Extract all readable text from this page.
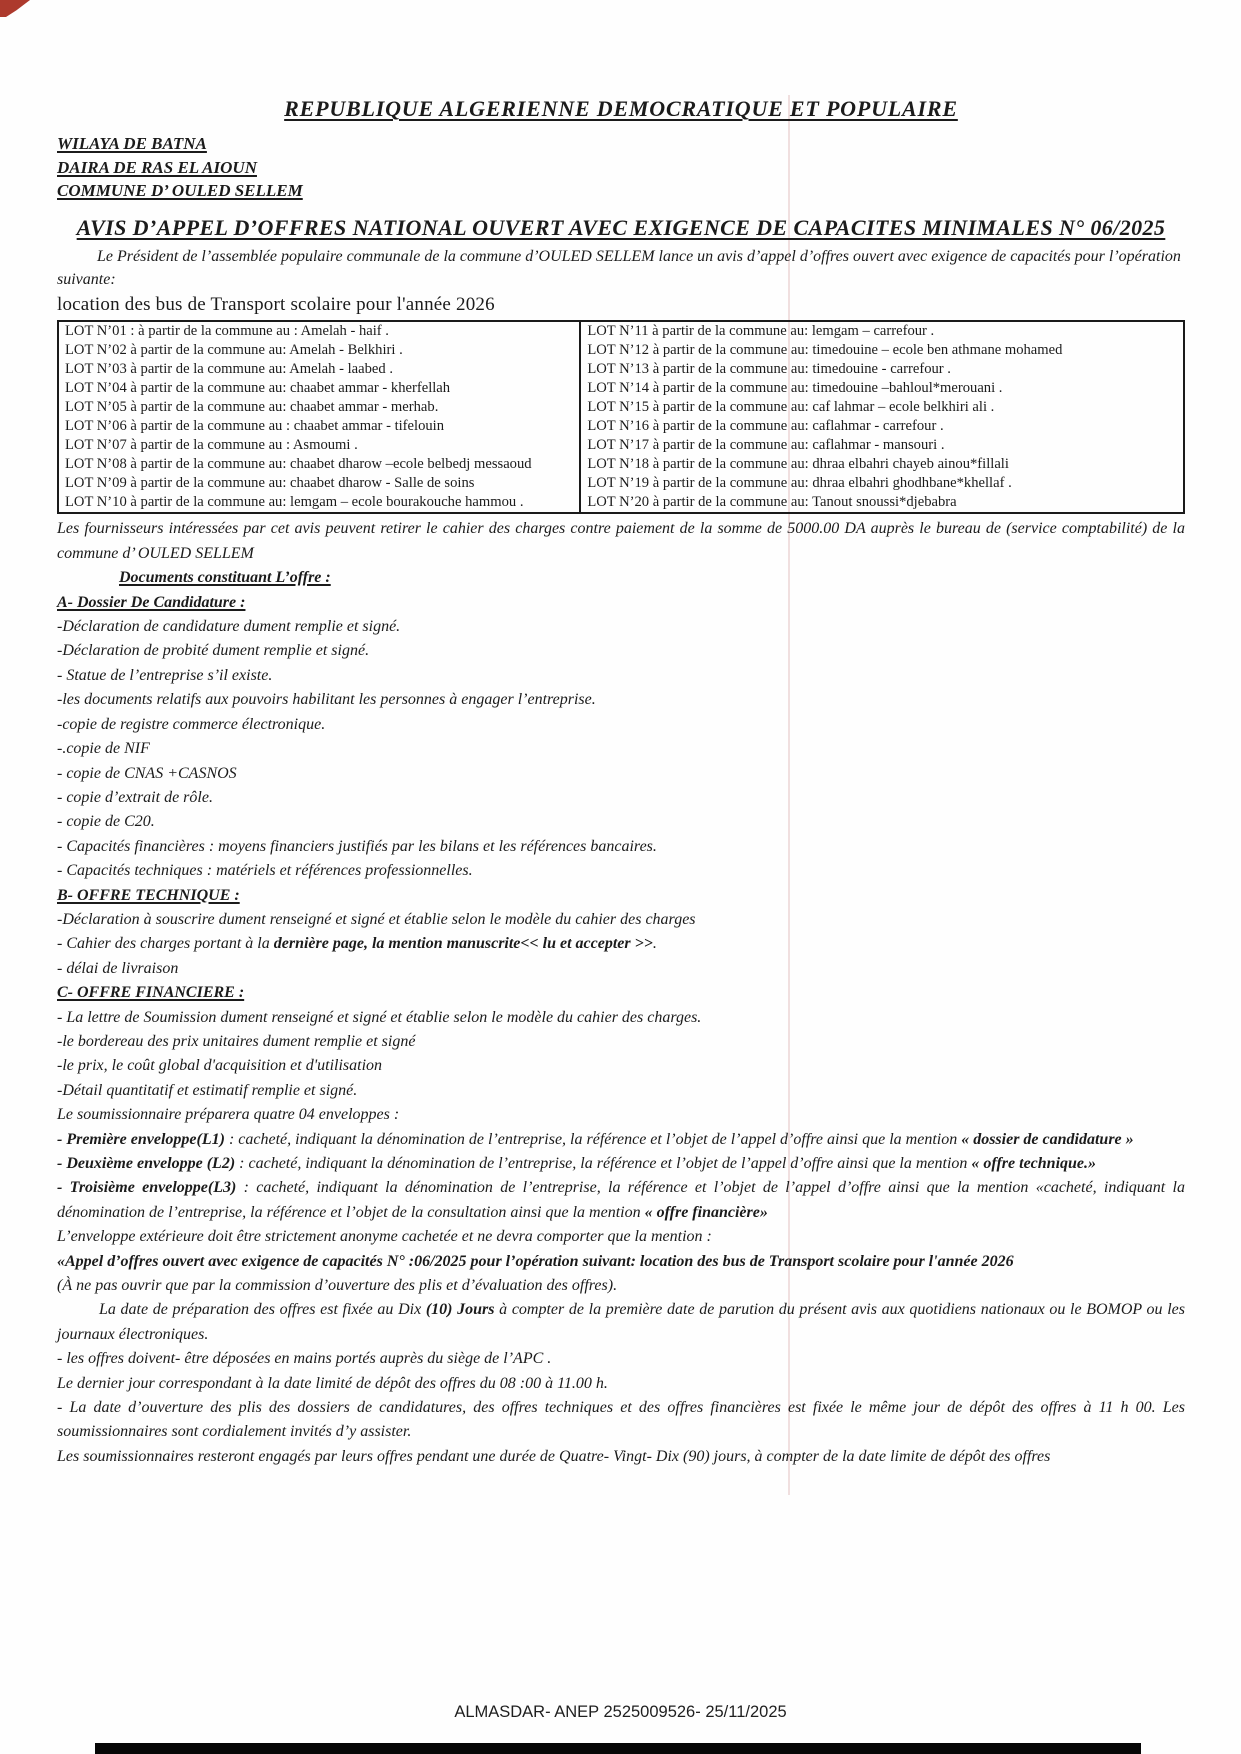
REPUBLIQUE ALGERIENNE DEMOCRATIQUE ET POPULAIRE
WILAYA DE BATNA
DAIRA DE RAS EL AIOUN
COMMUNE D’ OULED SELLEM
AVIS D’APPEL D’OFFRES NATIONAL OUVERT AVEC EXIGENCE DE CAPACITES MINIMALES N° 06/2025

Le Président de l’assemblée populaire communale de la commune d’OULED SELLEM lance un avis d’appel d’offres ouvert avec exigence de capacités pour l’opération suivante:

location des bus de Transport scolaire pour l'année 2026
LOT N’01 : à partir de la commune au : Amelah - haif .	LOT N’11 à partir de la commune au: lemgam – carrefour .
LOT N’02 à partir de la commune au: Amelah - Belkhiri .	LOT N’12 à partir de la commune au: timedouine – ecole ben athmane mohamed
LOT N’03 à partir de la commune au: Amelah - laabed .	LOT N’13 à partir de la commune au: timedouine - carrefour .
LOT N’04 à partir de la commune au: chaabet ammar - kherfellah	LOT N’14 à partir de la commune au: timedouine –bahloul*merouani .
LOT N’05 à partir de la commune au: chaabet ammar - merhab.	LOT N’15 à partir de la commune au: caf lahmar – ecole belkhiri ali .
LOT N’06 à partir de la commune au : chaabet ammar - tifelouin	LOT N’16 à partir de la commune au: caflahmar - carrefour .
LOT N’07 à partir de la commune au : Asmoumi .	LOT N’17 à partir de la commune au: caflahmar - mansouri .
LOT N’08 à partir de la commune au: chaabet dharow –ecole belbedj messaoud	LOT N’18 à partir de la commune au: dhraa elbahri chayeb ainou*fillali
LOT N’09 à partir de la commune au: chaabet dharow - Salle de soins	LOT N’19 à partir de la commune au: dhraa elbahri ghodhbane*khellaf .
LOT N’10 à partir de la commune au: lemgam – ecole bourakouche hammou .	LOT N’20 à partir de la commune au: Tanout snoussi*djebabra
Les fournisseurs intéressées par cet avis peuvent retirer le cahier des charges contre paiement de la somme de 5000.00 DA auprès le bureau de (service comptabilité) de la commune d’ OULED SELLEM
Documents constituant L’offre :
A- Dossier De Candidature :
-Déclaration de candidature dument remplie et signé.
-Déclaration de probité dument remplie et signé.
- Statue de l’entreprise s’il existe.
-les documents relatifs aux pouvoirs habilitant les personnes à engager l’entreprise.
-copie de registre commerce électronique.
-.copie de NIF
- copie de CNAS +CASNOS
- copie d’extrait de rôle.
- copie de C20.
- Capacités financières : moyens financiers justifiés par les bilans et les références bancaires.
- Capacités techniques : matériels et références professionnelles.
B- OFFRE TECHNIQUE :
-Déclaration à souscrire dument renseigné et signé et établie selon le modèle du cahier des charges
- Cahier des charges portant à la dernière page, la mention manuscrite<< lu et accepter >>.
- délai de livraison
C- OFFRE FINANCIERE :
- La lettre de Soumission dument renseigné et signé et établie selon le modèle du cahier des charges.
-le bordereau des prix unitaires dument remplie et signé
-le prix, le coût global d'acquisition et d'utilisation
-Détail quantitatif et estimatif remplie et signé.
Le soumissionnaire préparera quatre 04 enveloppes :
- Première enveloppe(L1) : cacheté, indiquant la dénomination de l’entreprise, la référence et l’objet de l’appel d’offre ainsi que la mention « dossier de candidature »
- Deuxième enveloppe (L2) : cacheté, indiquant la dénomination de l’entreprise, la référence et l’objet de l’appel d’offre ainsi que la mention « offre technique.»
- Troisième enveloppe(L3) : cacheté, indiquant la dénomination de l’entreprise, la référence et l’objet de l’appel d’offre ainsi que la mention «cacheté, indiquant la dénomination de l’entreprise, la référence et l’objet de la consultation ainsi que la mention « offre financière»
L’enveloppe extérieure doit être strictement anonyme cachetée et ne devra comporter que la mention :
«Appel d’offres ouvert avec exigence de capacités N° :06/2025 pour l’opération suivant: location des bus de Transport scolaire pour l'année 2026
(À ne pas ouvrir que par la commission d’ouverture des plis et d’évaluation des offres).
La date de préparation des offres est fixée au Dix (10) Jours à compter de la première date de parution du présent avis aux quotidiens nationaux ou le BOMOP ou les journaux électroniques.
- les offres doivent- être déposées en mains portés auprès du siège de l’APC .
Le dernier jour correspondant à la date limité de dépôt des offres du 08 :00 à 11.00 h.
- La date d’ouverture des plis des dossiers de candidatures, des offres techniques et des offres financières est fixée le même jour de dépôt des offres à 11 h 00. Les soumissionnaires sont cordialement invités d’y assister.
Les soumissionnaires resteront engagés par leurs offres pendant une durée de Quatre- Vingt- Dix (90) jours, à compter de la date limite de dépôt des offres
ALMASDAR- ANEP 2525009526- 25/11/2025
